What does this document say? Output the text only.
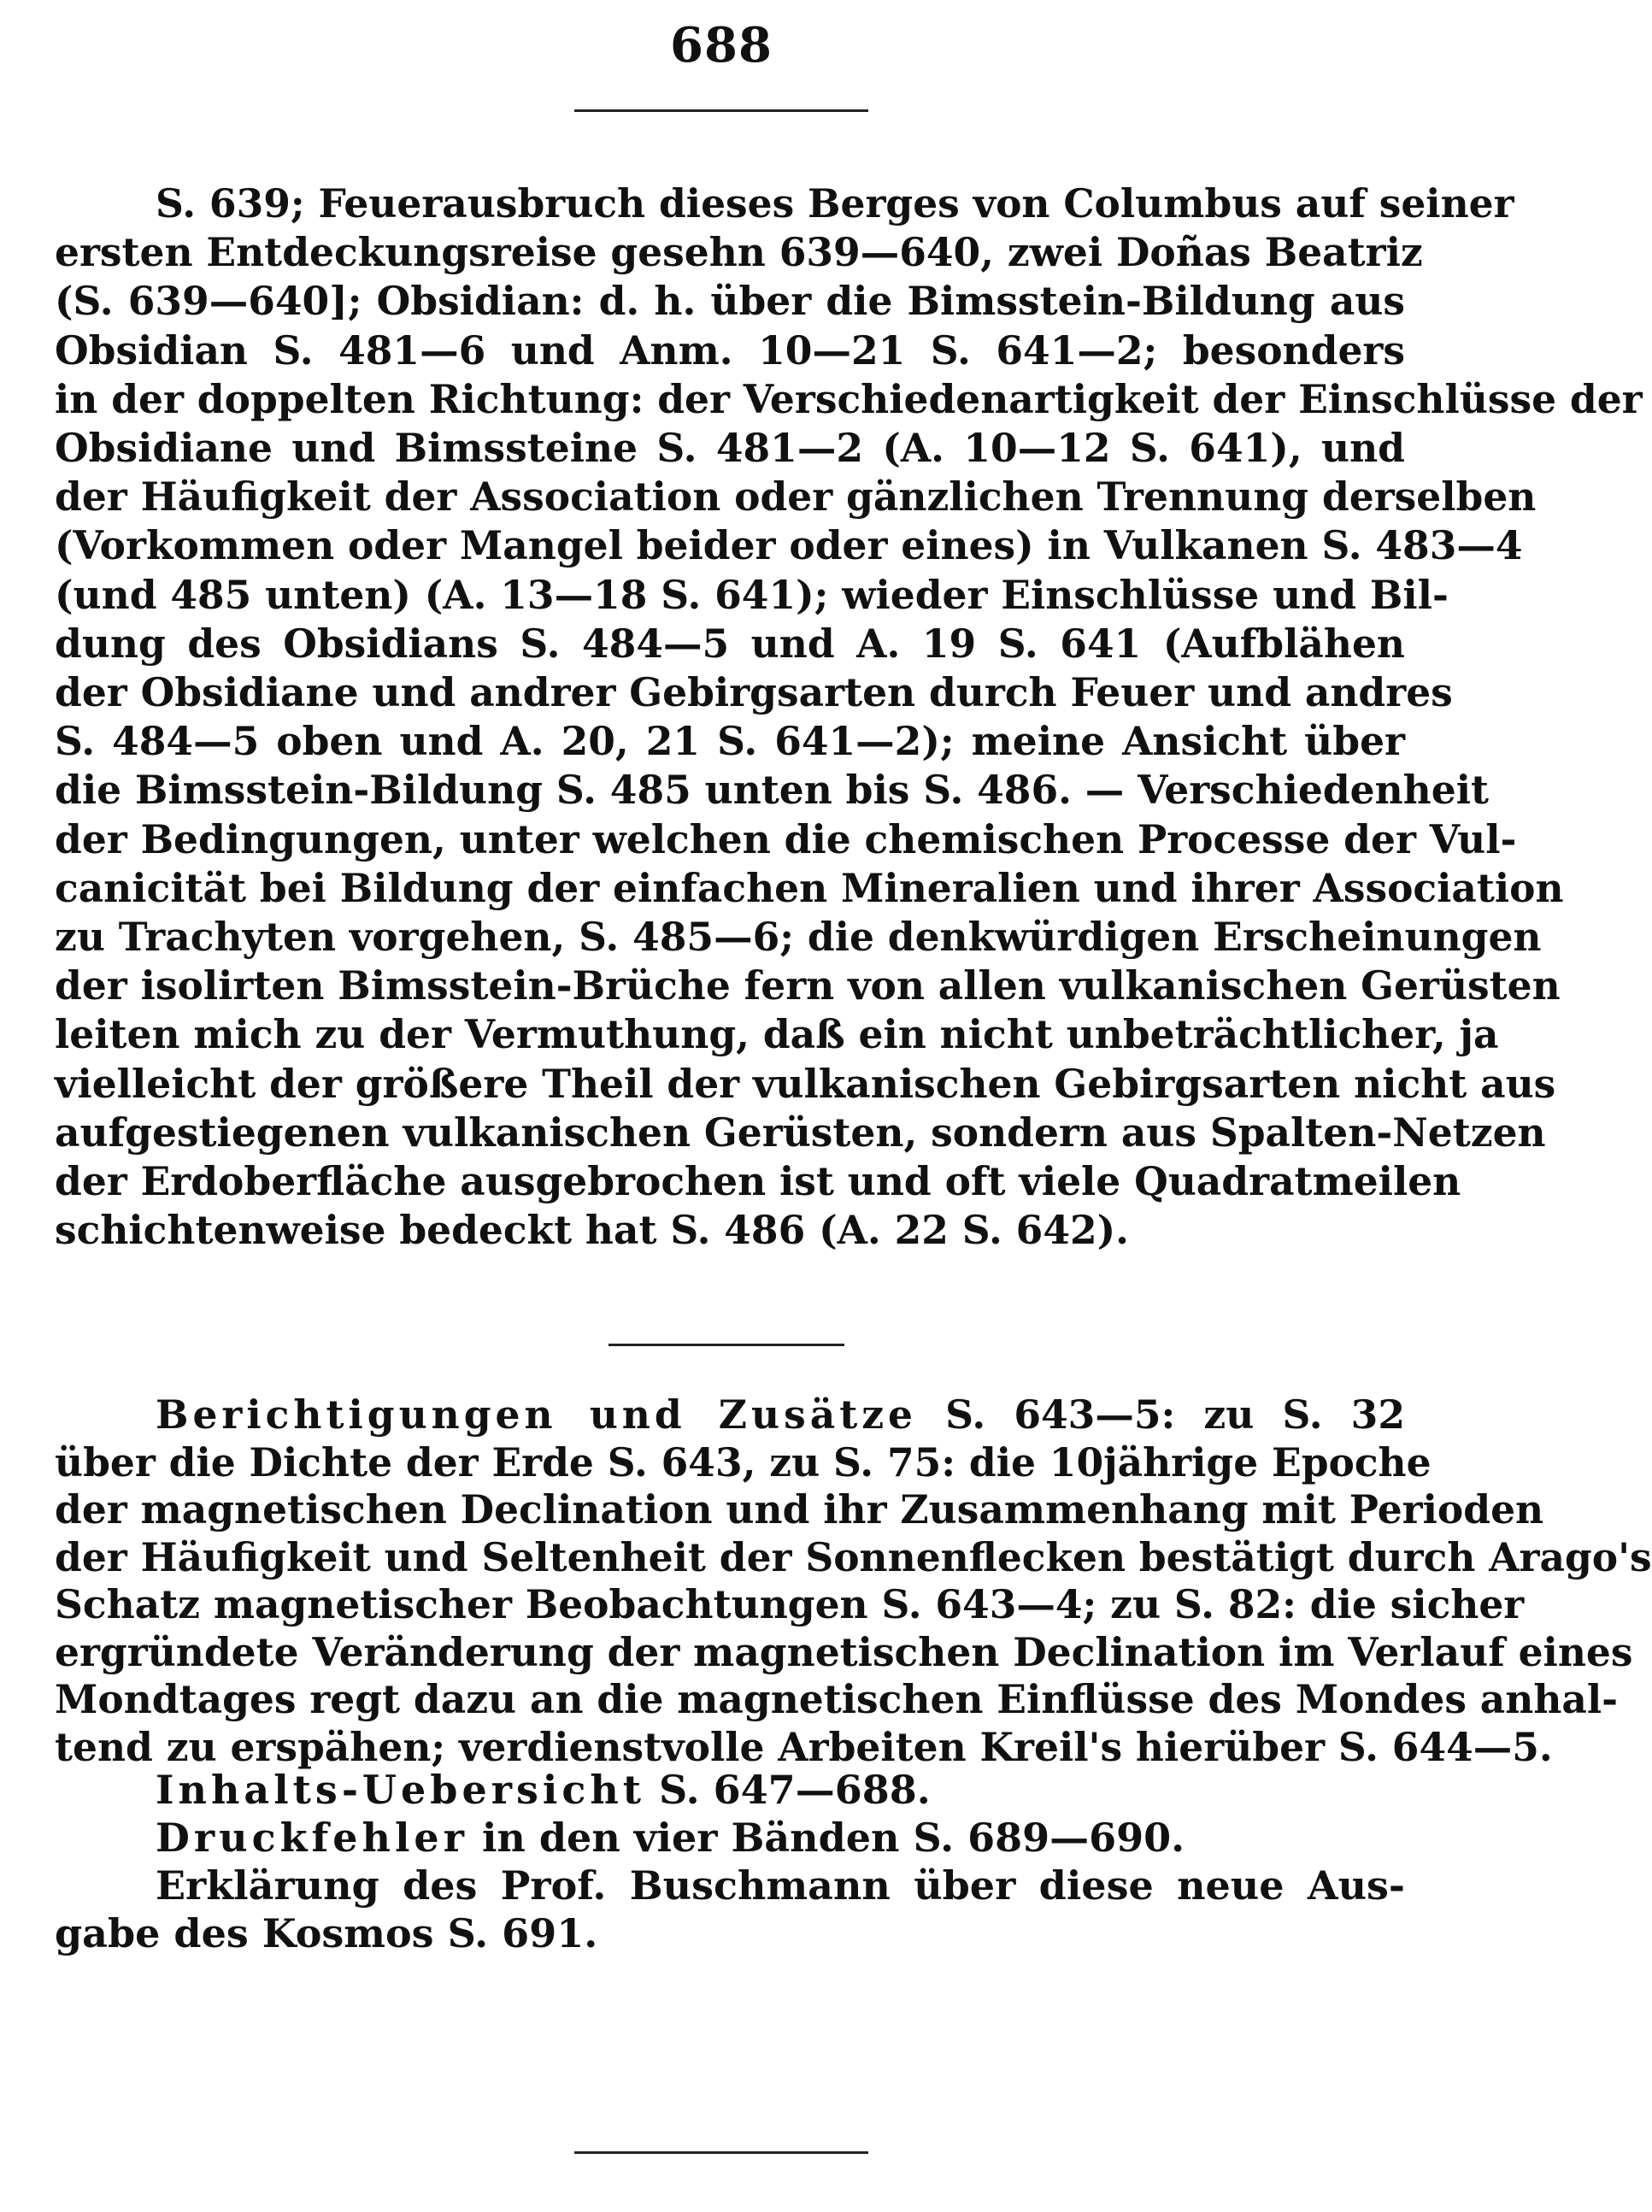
688
S. 639; Feuerausbruch dieses Berges von Columbus auf seiner
ersten Entdeckungsreise gesehn 639—640, zwei Doñas Beatriz
(S. 639—640]; Obsidian: d. h. über die Bimsstein-Bildung aus
Obsidian S. 481—6 und Anm. 10—21 S. 641—2; besonders
in der doppelten Richtung: der Verschiedenartigkeit der Einschlüsse der
Obsidiane und Bimssteine S. 481—2 (A. 10—12 S. 641), und
der Häufigkeit der Association oder gänzlichen Trennung derselben
(Vorkommen oder Mangel beider oder eines) in Vulkanen S. 483—4
(und 485 unten) (A. 13—18 S. 641); wieder Einschlüsse und Bil-
dung des Obsidians S. 484—5 und A. 19 S. 641 (Aufblähen
der Obsidiane und andrer Gebirgsarten durch Feuer und andres
S. 484—5 oben und A. 20, 21 S. 641—2); meine Ansicht über
die Bimsstein-Bildung S. 485 unten bis S. 486. — Verschiedenheit
der Bedingungen, unter welchen die chemischen Processe der Vul-
canicität bei Bildung der einfachen Mineralien und ihrer Association
zu Trachyten vorgehen, S. 485—6; die denkwürdigen Erscheinungen
der isolirten Bimsstein-Brüche fern von allen vulkanischen Gerüsten
leiten mich zu der Vermuthung, daß ein nicht unbeträchtlicher, ja
vielleicht der größere Theil der vulkanischen Gebirgsarten nicht aus
aufgestiegenen vulkanischen Gerüsten, sondern aus Spalten-Netzen
der Erdoberfläche ausgebrochen ist und oft viele Quadratmeilen
schichtenweise bedeckt hat S. 486 (A. 22 S. 642).
Berichtigungen und Zusätze S. 643—5: zu S. 32
über die Dichte der Erde S. 643, zu S. 75: die 10jährige Epoche
der magnetischen Declination und ihr Zusammenhang mit Perioden
der Häufigkeit und Seltenheit der Sonnenflecken bestätigt durch Arago's
Schatz magnetischer Beobachtungen S. 643—4; zu S. 82: die sicher
ergründete Veränderung der magnetischen Declination im Verlauf eines
Mondtages regt dazu an die magnetischen Einflüsse des Mondes anhal-
tend zu erspähen; verdienstvolle Arbeiten Kreil's hierüber S. 644—5.
Inhalts-Uebersicht S. 647—688.
Druckfehler in den vier Bänden S. 689—690.
Erklärung des Prof. Buschmann über diese neue Aus-
gabe des Kosmos S. 691.
